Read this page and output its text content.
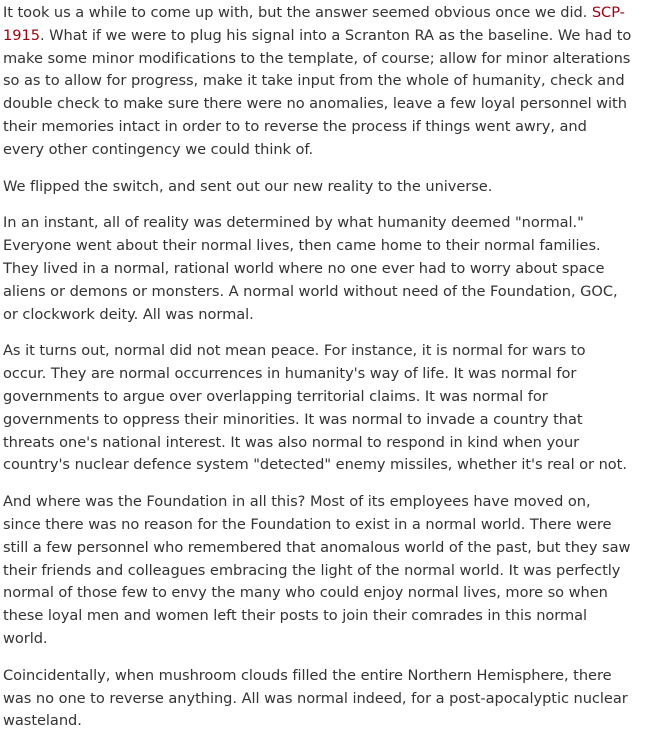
It took us a while to come up with, but the answer seemed obvious once we did. SCP-1915. What if we were to plug his signal into a Scranton RA as the baseline. We had to make some minor modifications to the template, of course; allow for minor alterations so as to allow for progress, make it take input from the whole of humanity, check and double check to make sure there were no anomalies, leave a few loyal personnel with their memories intact in order to to reverse the process if things went awry, and every other contingency we could think of.

We flipped the switch, and sent out our new reality to the universe.

In an instant, all of reality was determined by what humanity deemed "normal." Everyone went about their normal lives, then came home to their normal families. They lived in a normal, rational world where no one ever had to worry about space aliens or demons or monsters. A normal world without need of the Foundation, GOC, or clockwork deity. All was normal.

As it turns out, normal did not mean peace. For instance, it is normal for wars to occur. They are normal occurrences in humanity's way of life. It was normal for governments to argue over overlapping territorial claims. It was normal for governments to oppress their minorities. It was normal to invade a country that threats one's national interest. It was also normal to respond in kind when your country's nuclear defence system "detected" enemy missiles, whether it's real or not.

And where was the Foundation in all this? Most of its employees have moved on, since there was no reason for the Foundation to exist in a normal world. There were still a few personnel who remembered that anomalous world of the past, but they saw their friends and colleagues embracing the light of the normal world. It was perfectly normal of those few to envy the many who could enjoy normal lives, more so when these loyal men and women left their posts to join their comrades in this normal world.

Coincidentally, when mushroom clouds filled the entire Northern Hemisphere, there was no one to reverse anything. All was normal indeed, for a post-apocalyptic nuclear wasteland.
